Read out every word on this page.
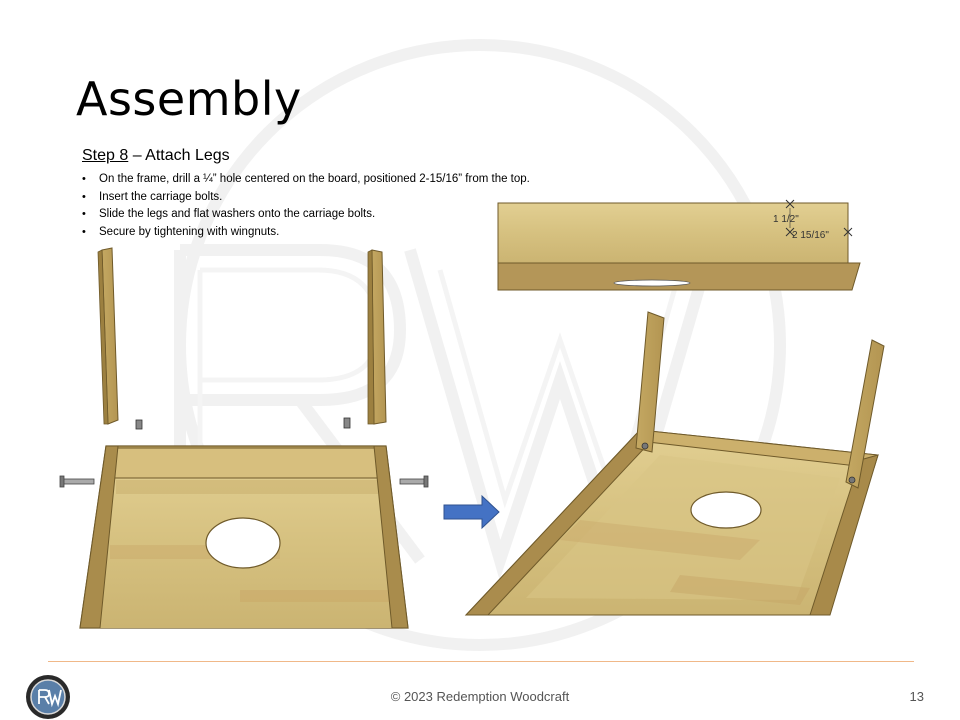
Assembly
Step 8 – Attach Legs
• On the frame, drill a ¼” hole centered on the board, positioned 2-15/16” from the top.
• Insert the carriage bolts.
• Slide the legs and flat washers onto the carriage bolts.
• Secure by tightening with wingnuts.
1 1/2"
2 15/16"
© 2023 Redemption Woodcraft	13
